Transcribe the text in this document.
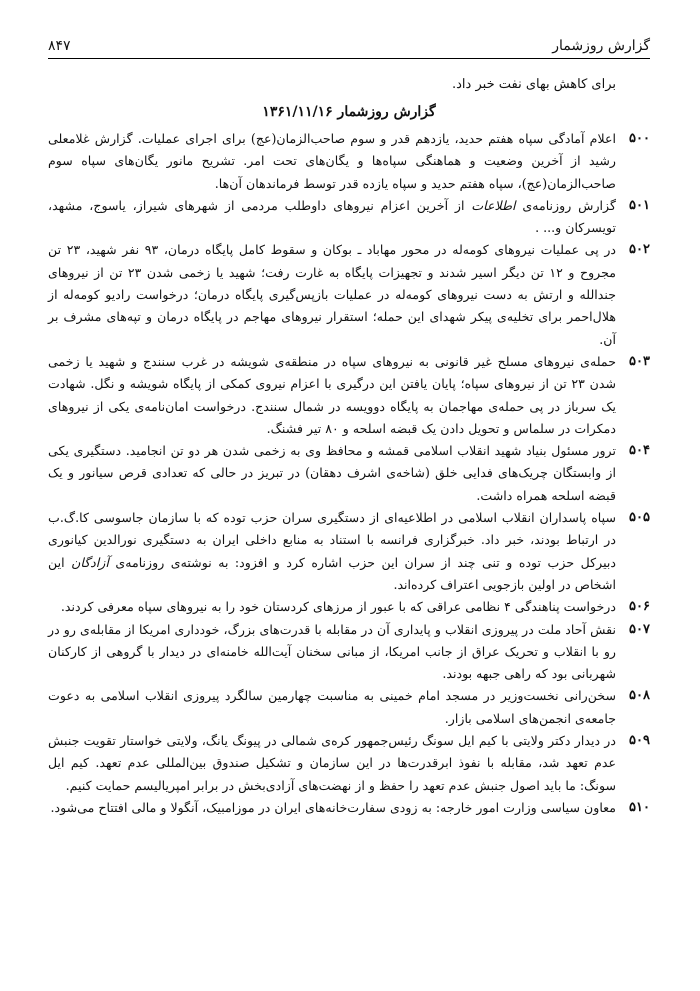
گزارش روزشمار
۸۴۷

برای کاهش بهای نفت خبر داد.

گزارش روزشمار ۱۳۶۱/۱۱/۱۶
۵۰۰
اعلام آمادگی سپاه هفتم حدید، یازدهم قدر و سوم صاحب‌الزمان(عج) برای اجرای عملیات. گزارش غلامعلی رشید از آخرین وضعیت و هماهنگی سپاه‌ها و یگان‌های تحت امر. تشریح مانور یگان‌های سپاه سوم صاحب‌الزمان(عج)، سپاه هفتم حدید و سپاه یازده قدر توسط فرماندهان آن‌ها.
۵۰۱
گزارش روزنامه‌ی اطلاعات از آخرین اعزام نیروهای داوطلب مردمی از شهرهای شیراز، یاسوج، مشهد، تویسرکان و... .
۵۰۲
در پی عملیات نیروهای کومه‌له در محور مهاباد ـ بوکان و سقوط کامل پایگاه درمان، ۹۳ نفر شهید، ۲۳ تن مجروح و ۱۲ تن دیگر اسیر شدند و تجهیزات پایگاه به غارت رفت؛ شهید یا زخمی شدن ۲۳ تن از نیروهای جندالله و ارتش به دست نیروهای کومه‌له در عملیات بازپس‌گیری پایگاه درمان؛ درخواست رادیو کومه‌له از هلال‌احمر برای تخلیه‌ی پیکر شهدای این حمله؛ استقرار نیروهای مهاجم در پایگاه درمان و تپه‌های مشرف بر آن.
۵۰۳
حمله‌ی نیروهای مسلح غیر قانونی به نیروهای سپاه در منطقه‌ی شویشه در غرب سنندج و شهید یا زخمی شدن ۲۳ تن از نیروهای سپاه؛ پایان یافتن این درگیری با اعزام نیروی کمکی از پایگاه شویشه و نگل. شهادت یک سرباز در پی حمله‌ی مهاجمان به پایگاه دوویسه در شمال سنندج. درخواست امان‌نامه‌ی یکی از نیروهای دمکرات در سلماس و تحویل دادن یک قبضه اسلحه و ۸۰ تیر فشنگ.
۵۰۴
ترور مسئول بنیاد شهید انقلاب اسلامی قمشه و محافظ وی به زخمی شدن هر دو تن انجامید. دستگیری یکی از وابستگان چریک‌های فدایی خلق (شاخه‌ی اشرف دهقان) در تبریز در حالی که تعدادی قرص سیانور و یک قبضه اسلحه همراه داشت.
۵۰۵
سپاه پاسداران انقلاب اسلامی در اطلاعیه‌ای از دستگیری سران حزب توده که با سازمان جاسوسی کا.گ.ب در ارتباط بودند، خبر داد. خبرگزاری فرانسه با استناد به منابع داخلی ایران به دستگیری نورالدین کیانوری دبیرکل حزب توده و تنی چند از سران این حزب اشاره کرد و افزود: به نوشته‌ی روزنامه‌ی آزادگان این اشخاص در اولین بازجویی اعتراف کرده‌اند.
۵۰۶
درخواست پناهندگی ۴ نظامی عراقی که با عبور از مرزهای کردستان خود را به نیروهای سپاه معرفی کردند.
۵۰۷
نقش آحاد ملت در پیروزی انقلاب و پایداری آن در مقابله با قدرت‌های بزرگ، خودداری امریکا از مقابله‌ی رو در رو با انقلاب و تحریک عراق از جانب امریکا، از مبانی سخنان آیت‌الله خامنه‌ای در دیدار با گروهی از کارکنان شهربانی بود که راهی جبهه بودند.
۵۰۸
سخن‌رانی نخست‌وزیر در مسجد امام خمینی به مناسبت چهارمین سالگرد پیروزی انقلاب اسلامی به دعوت جامعه‌ی انجمن‌های اسلامی بازار.
۵۰۹
در دیدار دکتر ولایتی با کیم ایل سونگ رئیس‌جمهور کره‌ی شمالی در پیونگ یانگ، ولایتی خواستار تقویت جنبش عدم تعهد شد، مقابله با نفوذ ابرقدرت‌ها در این سازمان و تشکیل صندوق بین‌المللی عدم تعهد. کیم ایل سونگ: ما باید اصول جنبش عدم تعهد را حفظ و از نهضت‌های آزادی‌بخش در برابر امپریالیسم حمایت کنیم.
۵۱۰
معاون سیاسی وزارت امور خارجه: به زودی سفارت‌خانه‌های ایران در موزامبیک، آنگولا و مالی افتتاح می‌شود.
